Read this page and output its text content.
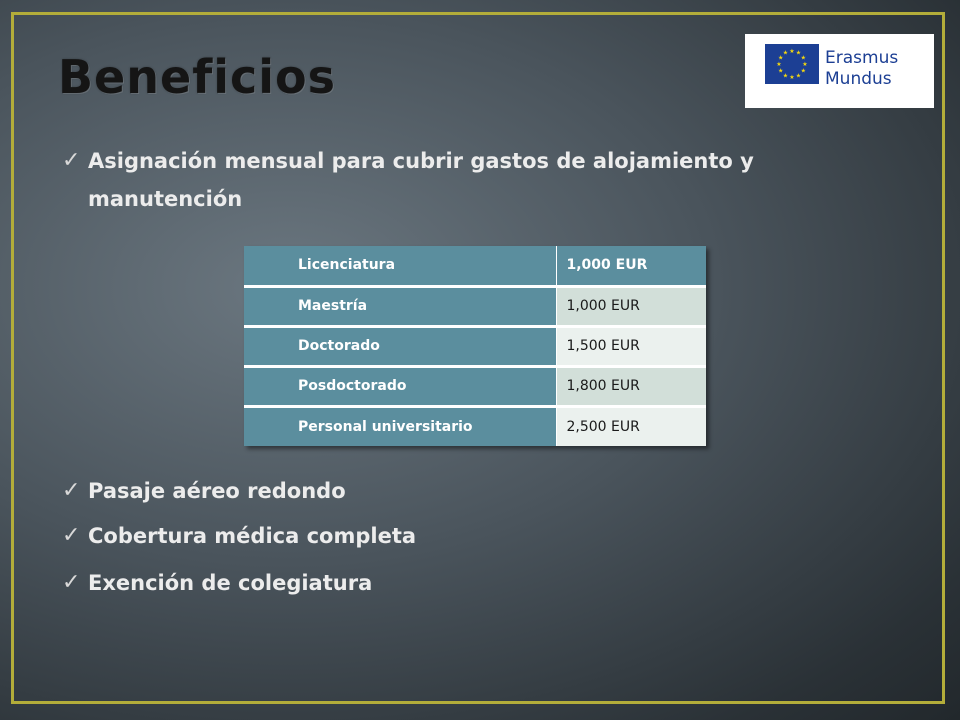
Beneficios	★ ★
★
★
★
★
★
★
★
★
★
★ Erasmus
Mundus
✓ Asignación mensual para cubrir gastos de alojamiento y manutención
✓ Pasaje aéreo redondo
✓ Cobertura médica completa
✓ Exención de colegiatura
Licenciatura	1,000 EUR
Maestría	1,000 EUR
Doctorado	1,500 EUR
Posdoctorado	1,800 EUR
Personal universitario	2,500 EUR
